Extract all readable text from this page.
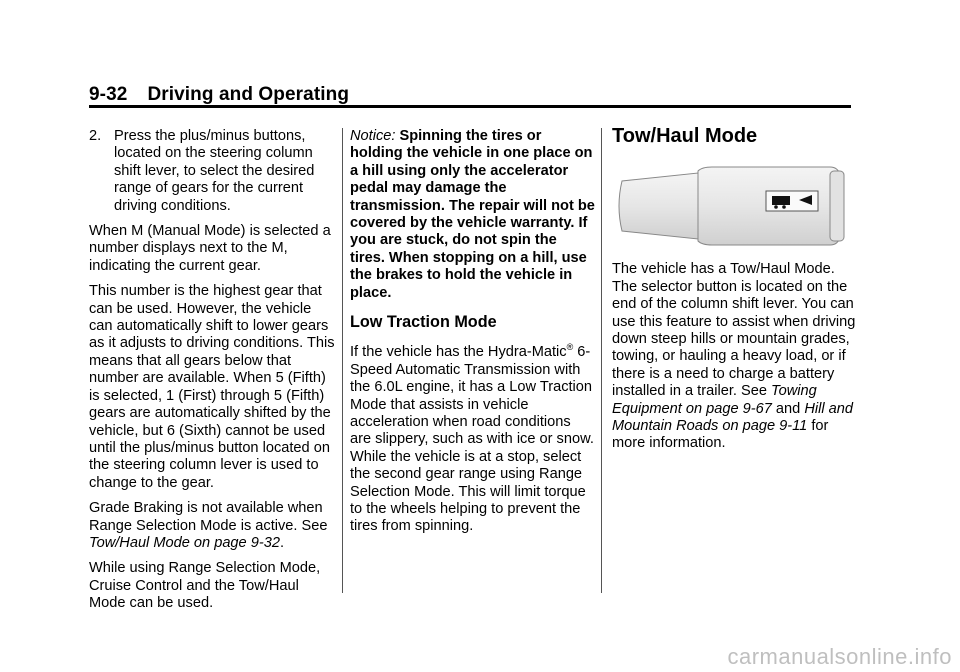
9-32 Driving and Operating
2. Press the plus/minus buttons, located on the steering column shift lever, to select the desired range of gears for the current driving conditions.

When M (Manual Mode) is selected a number displays next to the M, indicating the current gear.

This number is the highest gear that can be used. However, the vehicle can automatically shift to lower gears as it adjusts to driving conditions. This means that all gears below that number are available. When 5 (Fifth) is selected, 1 (First) through 5 (Fifth) gears are automatically shifted by the vehicle, but 6 (Sixth) cannot be used until the plus/minus button located on the steering column lever is used to change to the gear.

Grade Braking is not available when Range Selection Mode is active. See Tow/Haul Mode on page 9-32.

While using Range Selection Mode, Cruise Control and the Tow/Haul Mode can be used.

Notice: Spinning the tires or holding the vehicle in one place on a hill using only the accelerator pedal may damage the transmission. The repair will not be covered by the vehicle warranty. If you are stuck, do not spin the tires. When stopping on a hill, use the brakes to hold the vehicle in place.

Low Traction Mode

If the vehicle has the Hydra-Matic® 6-Speed Automatic Transmission with the 6.0L engine, it has a Low Traction Mode that assists in vehicle acceleration when road conditions are slippery, such as with ice or snow. While the vehicle is at a stop, select the second gear range using Range Selection Mode. This will limit torque to the wheels helping to prevent the tires from spinning.

Tow/Haul Mode

The vehicle has a Tow/Haul Mode. The selector button is located on the end of the column shift lever. You can use this feature to assist when driving down steep hills or mountain grades, towing, or hauling a heavy load, or if there is a need to charge a battery installed in a trailer. See Towing Equipment on page 9-67 and Hill and Mountain Roads on page 9-11 for more information.

carmanualsonline.info
